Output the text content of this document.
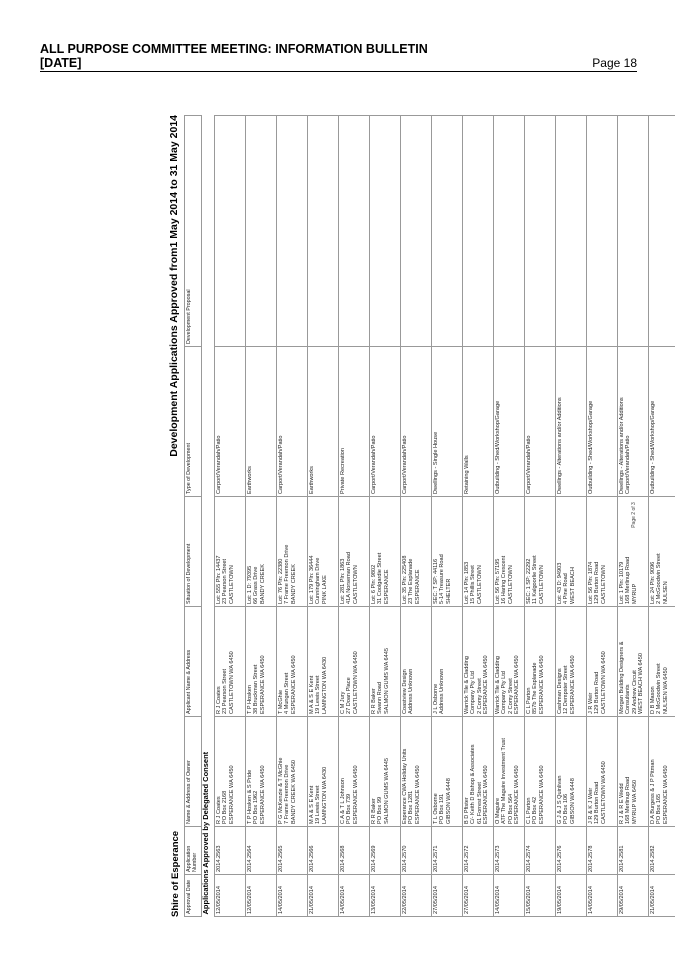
ALL PURPOSE COMMITTEE MEETING: INFORMATION BULLETIN
[DATE]	Page 18
Shire of Esperance
Development Applications Approved from1 May 2014 to 31 May 2014
Approval Date	Application Number	Name & Address of Owner	Applicant Name & Address	Situation of Development	Type of Development	Development Proposal
Applications Approved by Delegated Consent						

12/05/2014	2014.2563	R J Coates PO Box 2168 ESPERANCE WA 6450	R J Coates 23 Pearson Street CASTLETOWN WA 6450	Lot: 555 Pln: 14437 23 Pearson Street CASTLETOWN	Carport/Verandah/Patio	

12/05/2014	2014.2564	T P Hosken & S Pride PO Box 1962 ESPERANCE WA 6450	T P Hosken 38 Bruckman Street ESPERANCE WA 6450	Lot: 1 D: 79395 66 Grass Drive BANDY CREEK	Earthworks	

14/05/2014	2014.2565	P G McKenzie & T McGhie 7 Frame Freemon Drive BANDY CREEK WA 6450	T McGhie 4 Mungan Street ESPERANCE WA 6450	Lot: 76 Pln: 22380 7 Frame Freemon Drive BANDY CREEK	Carport/Verandah/Patio	

21/05/2014	2014.2566	M A & S E Kent 19 Lewis Street LAMINGTON WA 6430	M A & S E Kent 19 Lewis Street LAMINGTON WA 6430	Lot: 179 Pln: 36444 Cunningham Drive PINK LAKE	Earthworks	

14/05/2014	2014.2568	C A & T L Johnson PO Box 739 ESPERANCE WA 6450	C M Jury 27 Doan Place CASTLETOWN WA 6450	Lot: 281 Pln: 1863 41A Norseman Road CASTLETOWN	Private Recreation	

13/05/2014	2014.2569	R R Baker PO Box 99 SALMON GUMS WA 6445	R R Baker Swann Road SALMON GUMS WA 6445	Lot: 6 Pln: 9802 31 Coolgardie Street ESPERANCE	Carport/Verandah/Patio	

22/05/2014	2014.2570	Esperance CWA Holiday Units PO Box 1281 ESPERANCE WA 6450	Coastview Design Address Unknown	Lot: 35 Pln: 225408 23 The Esplanade ESPERANCE	Carport/Verandah/Patio	

27/05/2014	2014.2571	T L Osborne PO Box 191 GIBSON WA 6448	J L Osborne Address Unknown	SEC: T SP: 44116 5-14 Treasure Road SHELTER	Dwellings - Single House	

27/05/2014	2014.2572	B D Pfister C/- Keith D Bishop & Associates 61 Forrest Street ESPERANCE WA 6450	Warrick Tile & Cladding Company Pty Ltd 2 Comy Street ESPERANCE WA 6450	Lot: 14 Pln: 1853 15 Phillis Street CASTLETOWN	Retaining Walls	

14/05/2014	2014.2573	O Maguire ATF The Maguire Investment Trust PO Box 564 ESPERANCE WA 6450	Warrick Tile & Cladding Company Pty Ltd 2 Comy Street ESPERANCE WA 6450	Lot: 56 Pln: 57195 16 Haring Crescent CASTLETOWN	Outbuilding - Shed/Workshop/Garage	

15/05/2014	2014.2574	C L Parton PO Box 42 ESPERANCE WA 6450	C L Parton 857b The Esplanade ESPERANCE WA 6450	SEC: 1 SP: 22292 11 Kalgoorlie Street CASTLETOWN	Carport/Verandah/Patio	

19/05/2014	2014.2576	G J & J S Quinlivan PO Box 106 GIBSON WA 6448	Cashman Designs 12 Dempster Street ESPERANCE WA 6450	Lot: 43 D: 94903 4 Pine Road WEST BEACH	Dwellings - Alterations and/or Additions	

14/05/2014	2014.2578	J R & K J Weir 129 Burton Road CASTLETOWN WA 6450	J R Weir 129 Burton Road CASTLETOWN WA 6450	Lot: 56 Pln: 1874 129 Burton Road CASTLETOWN	Outbuilding - Shed/Workshop/Garage	

29/05/2014	2014.2581	R J & R E Wedd 168 Merlinup Road MYRUP WA 6450	Morgan Building Designers & Consultants 29 Andrew Circuit WEST BEACH WA 6450	Lot: 1 Pln: 10179 168 Merlinup Road MYRUP	Dwellings - Alterations and/or Additions Carport/Verandah/Patio	

21/05/2014	2014.2582	D A Burgess & J P Pitman PO Box 165 ESPERANCE WA 6450	D B Mason 2 McGoodwin Street NULSEN WA 6450	Lot: 24 Pln: 9096 2 McGoodwin Street NULSEN	Outbuilding - Shed/Workshop/Garage	

Page 2 of 3
